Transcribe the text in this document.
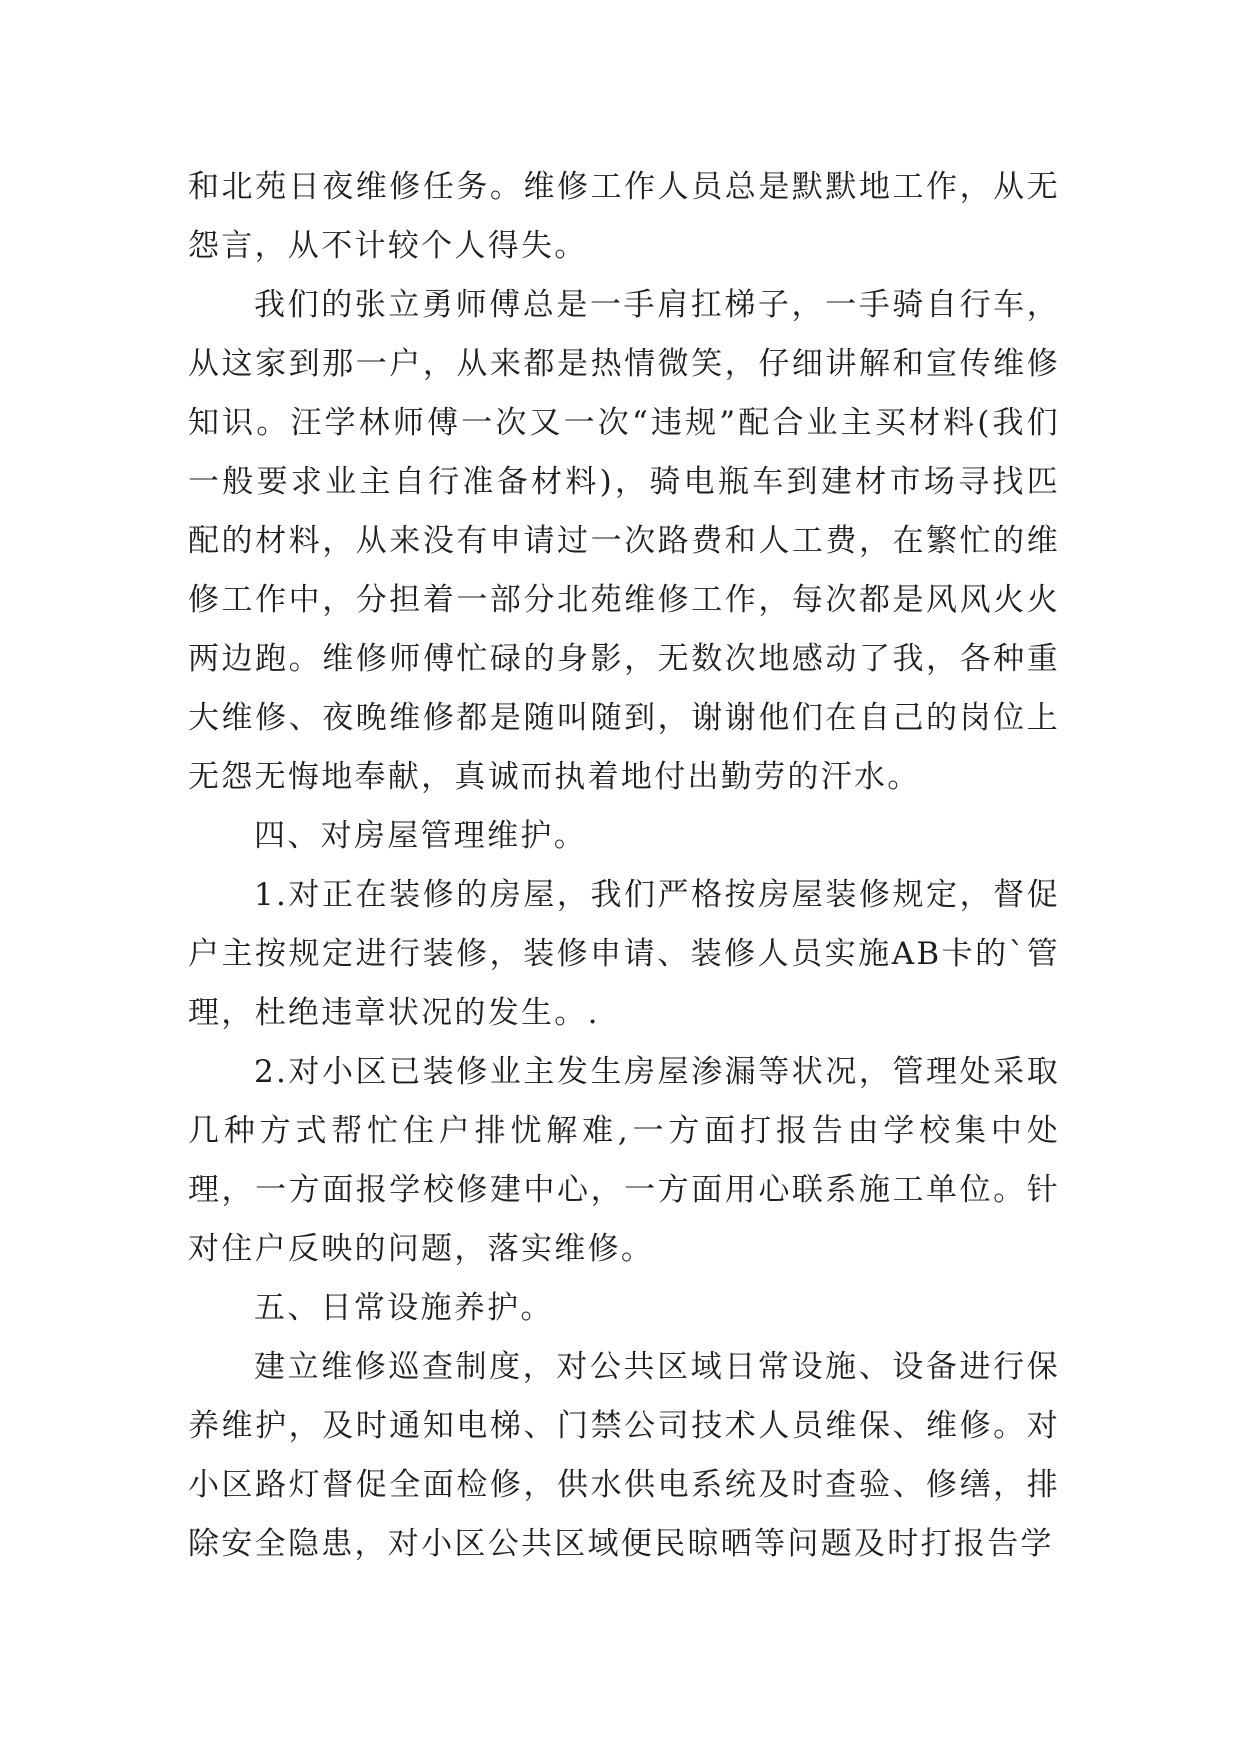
和北苑日夜维修任务。维修工作人员总是默默地工作，从无怨言，从不计较个人得失。

我们的张立勇师傅总是一手肩扛梯子，一手骑自行车，从这家到那一户，从来都是热情微笑，仔细讲解和宣传维修知识。汪学林师傅一次又一次“违规”配合业主买材料(我们一般要求业主自行准备材料)，骑电瓶车到建材市场寻找匹配的材料，从来没有申请过一次路费和人工费，在繁忙的维修工作中，分担着一部分北苑维修工作，每次都是风风火火两边跑。维修师傅忙碌的身影，无数次地感动了我，各种重大维修、夜晚维修都是随叫随到，谢谢他们在自己的岗位上无怨无悔地奉献，真诚而执着地付出勤劳的汗水。

四、对房屋管理维护。

1.对正在装修的房屋，我们严格按房屋装修规定，督促户主按规定进行装修，装修申请、装修人员实施AB卡的`管理，杜绝违章状况的发生。.

2.对小区已装修业主发生房屋渗漏等状况，管理处采取几种方式帮忙住户排忧解难,一方面打报告由学校集中处理，一方面报学校修建中心，一方面用心联系施工单位。针对住户反映的问题，落实维修。

五、日常设施养护。

建立维修巡查制度，对公共区域日常设施、设备进行保养维护，及时通知电梯、门禁公司技术人员维保、维修。对小区路灯督促全面检修，供水供电系统及时查验、修缮，排除安全隐患，对小区公共区域便民晾晒等问题及时打报告学
